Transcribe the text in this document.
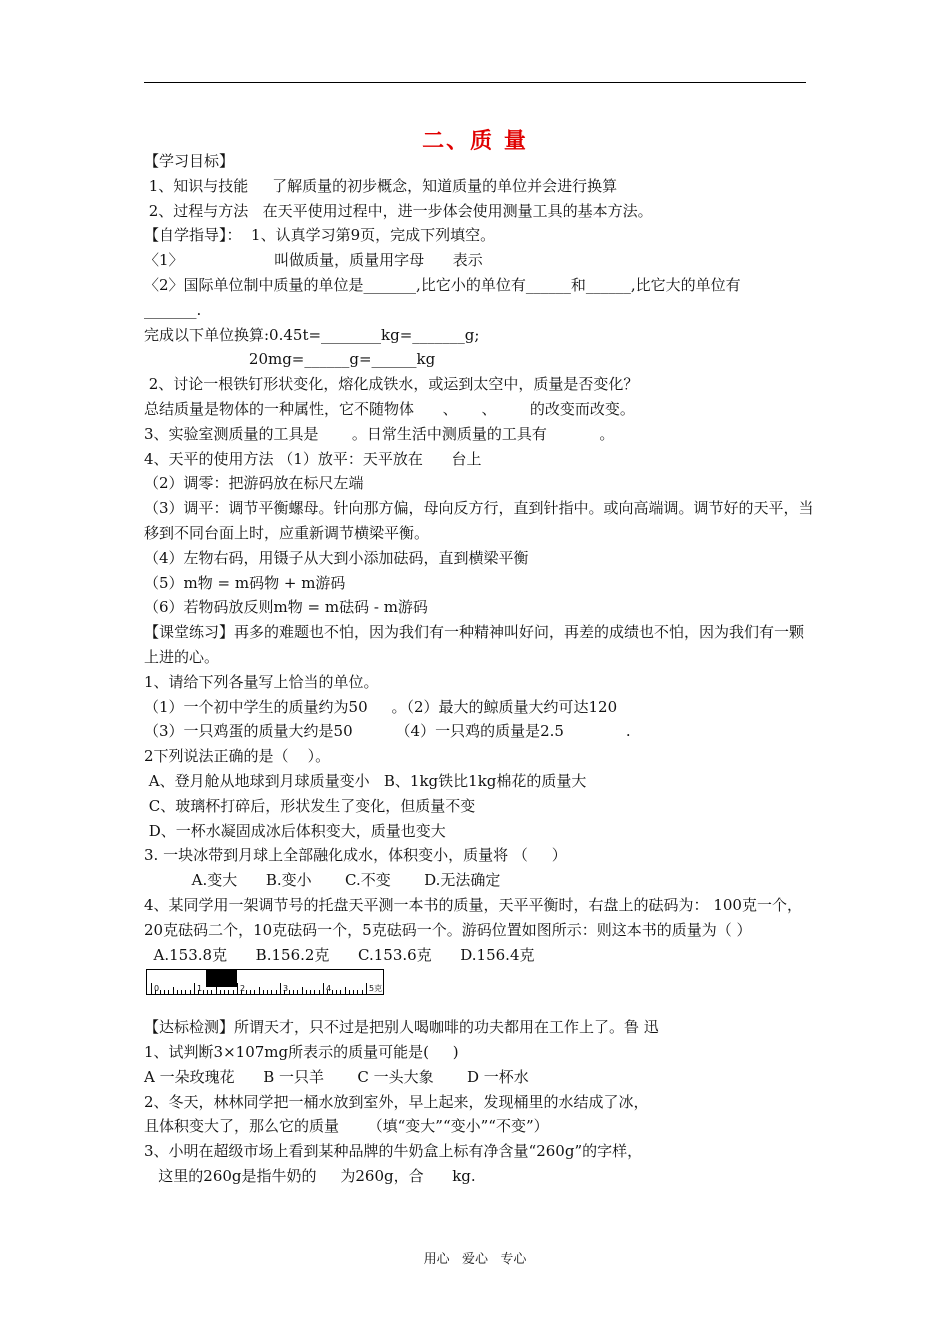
二、质 量
【学习目标】
1、知识与技能     了解质量的初步概念，知道质量的单位并会进行换算
2、过程与方法   在天平使用过程中，进一步体会使用测量工具的基本方法。
【自学指导】：  1、认真学习第9页，完成下列填空。
〈1〉                   叫做质量，质量用字母      表示
〈2〉国际单位制中质量的单位是_______,比它小的单位有______和______,比它大的单位有
_______.
完成以下单位换算:0.45t=________kg=_______g;
20mg=______g=______kg
2、讨论一根铁钉形状变化，熔化成铁水，或运到太空中，质量是否变化？
总结质量是物体的一种属性，它不随物体      、     、       的改变而改变。
3、实验室测质量的工具是       。日常生活中测质量的工具有           。
4、天平的使用方法 （1）放平：天平放在      台上
（2）调零：把游码放在标尺左端
（3）调平：调节平衡螺母。针向那方偏，母向反方行，直到针指中。或向高端调。调节好的天平，当移到不同台面上时，应重新调节横梁平衡。
（4）左物右码，用镊子从大到小添加砝码，直到横梁平衡
（5）m物 = m码物 + m游码
（6）若物码放反则m物 = m砝码 - m游码
【课堂练习】再多的难题也不怕，因为我们有一种精神叫好问，再差的成绩也不怕，因为我们有一颗上进的心。
1、请给下列各量写上恰当的单位。
（1）一个初中学生的质量约为50     。（2）最大的鲸质量大约可达120
（3）一只鸡蛋的质量大约是50         （4）一只鸡的质量是2.5             .
2下列说法正确的是（    ）。
A、登月舱从地球到月球质量变小   B、1kg铁比1kg棉花的质量大
C、玻璃杯打碎后，形状发生了变化，但质量不变
D、一杯水凝固成冰后体积变大，质量也变大
3. 一块冰带到月球上全部融化成水，体积变小，质量将 （     ）
A.变大      B.变小       C.不变       D.无法确定
4、某同学用一架调节号的托盘天平测一本书的质量，天平平衡时，右盘上的砝码为： 100克一个，20克砝码二个，10克砝码一个，5克砝码一个。游码位置如图所示：则这本书的质量为（ ）
A.153.8克      B.156.2克      C.153.6克      D.156.4克
0	1	2	3	4	5克
【达标检测】所谓天才，只不过是把别人喝咖啡的功夫都用在工作上了。鲁 迅
1、试判断3×107mg所表示的质量可能是(     )
A 一朵玫瑰花      B 一只羊       C 一头大象       D 一杯水
2、冬天，林林同学把一桶水放到室外，早上起来，发现桶里的水结成了冰，
且体积变大了，那么它的质量      （填“变大”“变小”“不变”）
3、小明在超级市场上看到某种品牌的牛奶盒上标有净含量“260g”的字样，
这里的260g是指牛奶的     为260g，合      kg.
用心   爱心   专心
